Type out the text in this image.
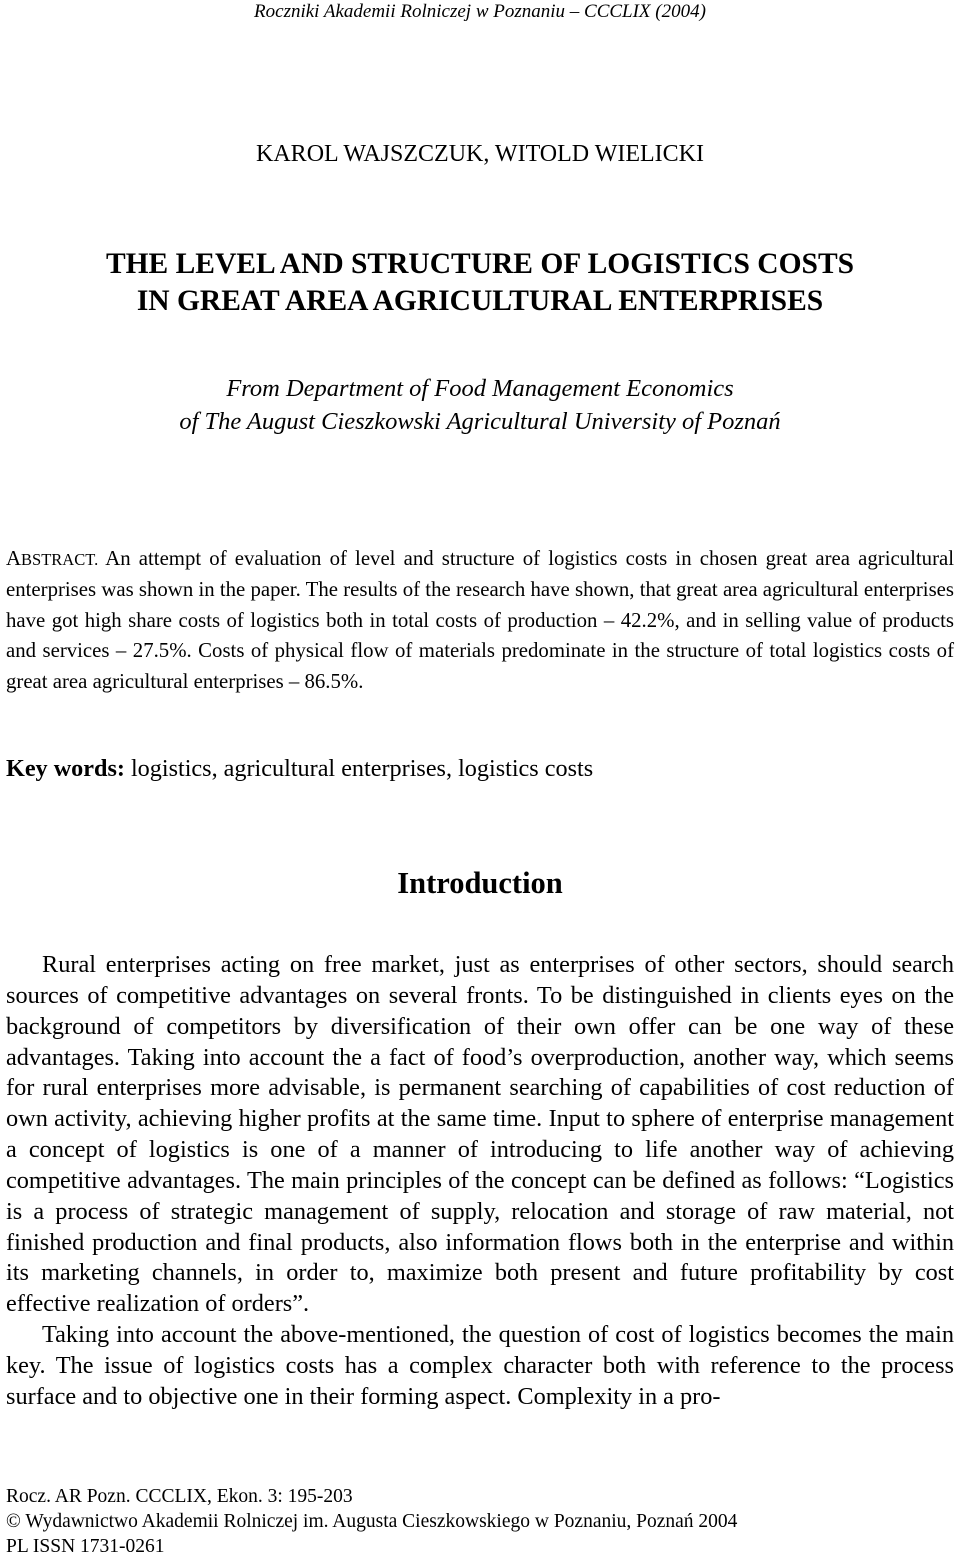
Roczniki Akademii Rolniczej w Poznaniu – CCCLIX (2004)
KAROL WAJSZCZUK, WITOLD WIELICKI
THE LEVEL AND STRUCTURE OF LOGISTICS COSTS
IN GREAT AREA AGRICULTURAL ENTERPRISES
From Department of Food Management Economics
of The August Cieszkowski Agricultural University of Poznań
ABSTRACT. An attempt of evaluation of level and structure of logistics costs in chosen great area agricultural enterprises was shown in the paper. The results of the research have shown, that great area agricultural enterprises have got high share costs of logistics both in total costs of production – 42.2%, and in selling value of products and services – 27.5%. Costs of physical flow of materials predominate in the structure of total logistics costs of great area agricultural enterprises – 86.5%.
Key words: logistics, agricultural enterprises, logistics costs
Introduction

Rural enterprises acting on free market, just as enterprises of other sectors, should search sources of competitive advantages on several fronts. To be distinguished in clients eyes on the background of competitors by diversification of their own offer can be one way of these advantages. Taking into account the a fact of food’s overproduction, another way, which seems for rural enterprises more advisable, is permanent searching of capabilities of cost reduction of own activity, achieving higher profits at the same time. Input to sphere of enterprise management a concept of logistics is one of a manner of introducing to life another way of achieving competitive advantages. The main principles of the concept can be defined as follows: “Logistics is a process of strategic management of supply, relocation and storage of raw material, not finished production and final products, also information flows both in the enterprise and within its marketing channels, in order to, maximize both present and future profitability by cost effective realization of orders”.

Taking into account the above-mentioned, the question of cost of logistics becomes the main key. The issue of logistics costs has a complex character both with reference to the process surface and to objective one in their forming aspect. Complexity in a pro-

Rocz. AR Pozn. CCCLIX, Ekon. 3: 195-203
© Wydawnictwo Akademii Rolniczej im. Augusta Cieszkowskiego w Poznaniu, Poznań 2004
PL ISSN 1731-0261
